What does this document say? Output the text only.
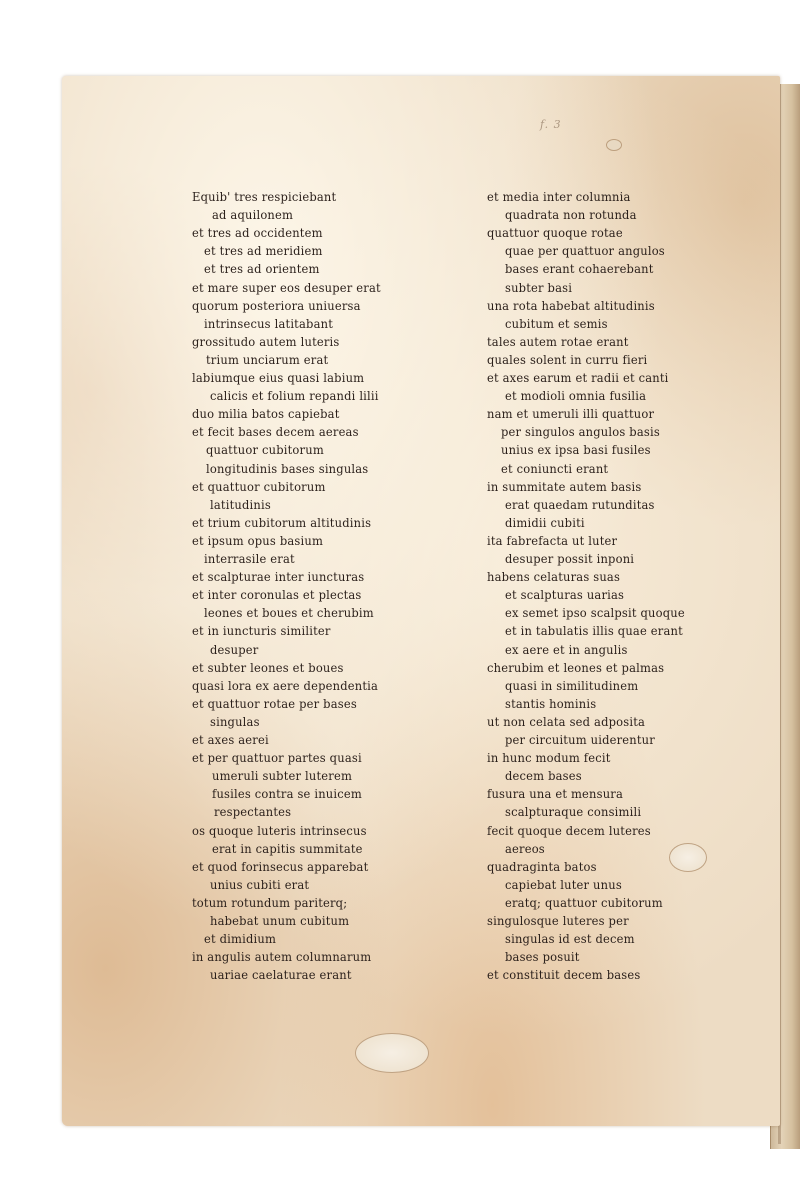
f. 3
Equib' tres respiciebant
ad aquilonem
et tres ad occidentem
et tres ad meridiem
et tres ad orientem
et mare super eos desuper erat
quorum posteriora uniuersa
intrinsecus latitabant
grossitudo autem luteris
trium unciarum erat
labiumque eius quasi labium
calicis et folium repandi lilii
duo milia batos capiebat
et fecit bases decem aereas
quattuor cubitorum
longitudinis bases singulas
et quattuor cubitorum
latitudinis
et trium cubitorum altitudinis
et ipsum opus basium
interrasile erat
et scalpturae inter iuncturas
et inter coronulas et plectas
leones et boues et cherubim
et in iuncturis similiter
desuper
et subter leones et boues
quasi lora ex aere dependentia
et quattuor rotae per bases
singulas
et axes aerei
et per quattuor partes quasi
umeruli subter luterem
fusiles contra se inuicem
respectantes
os quoque luteris intrinsecus
erat in capitis summitate
et quod forinsecus apparebat
unius cubiti erat
totum rotundum pariterq;
habebat unum cubitum
et dimidium
in angulis autem columnarum
uariae caelaturae erant
et media inter columnia
quadrata non rotunda
quattuor quoque rotae
quae per quattuor angulos
bases erant cohaerebant
subter basi
una rota habebat altitudinis
cubitum et semis
tales autem rotae erant
quales solent in curru fieri
et axes earum et radii et canti
et modioli omnia fusilia
nam et umeruli illi quattuor
per singulos angulos basis
unius ex ipsa basi fusiles
et coniuncti erant
in summitate autem basis
erat quaedam rutunditas
dimidii cubiti
ita fabrefacta ut luter
desuper possit inponi
habens celaturas suas
et scalpturas uarias
ex semet ipso scalpsit quoque
et in tabulatis illis quae erant
ex aere et in angulis
cherubim et leones et palmas
quasi in similitudinem
stantis hominis
ut non celata sed adposita
per circuitum uiderentur
in hunc modum fecit
decem bases
fusura una et mensura
scalpturaque consimili
fecit quoque decem luteres
aereos
quadraginta batos
capiebat luter unus
eratq; quattuor cubitorum
singulosque luteres per
singulas id est decem
bases posuit
et constituit decem bases
